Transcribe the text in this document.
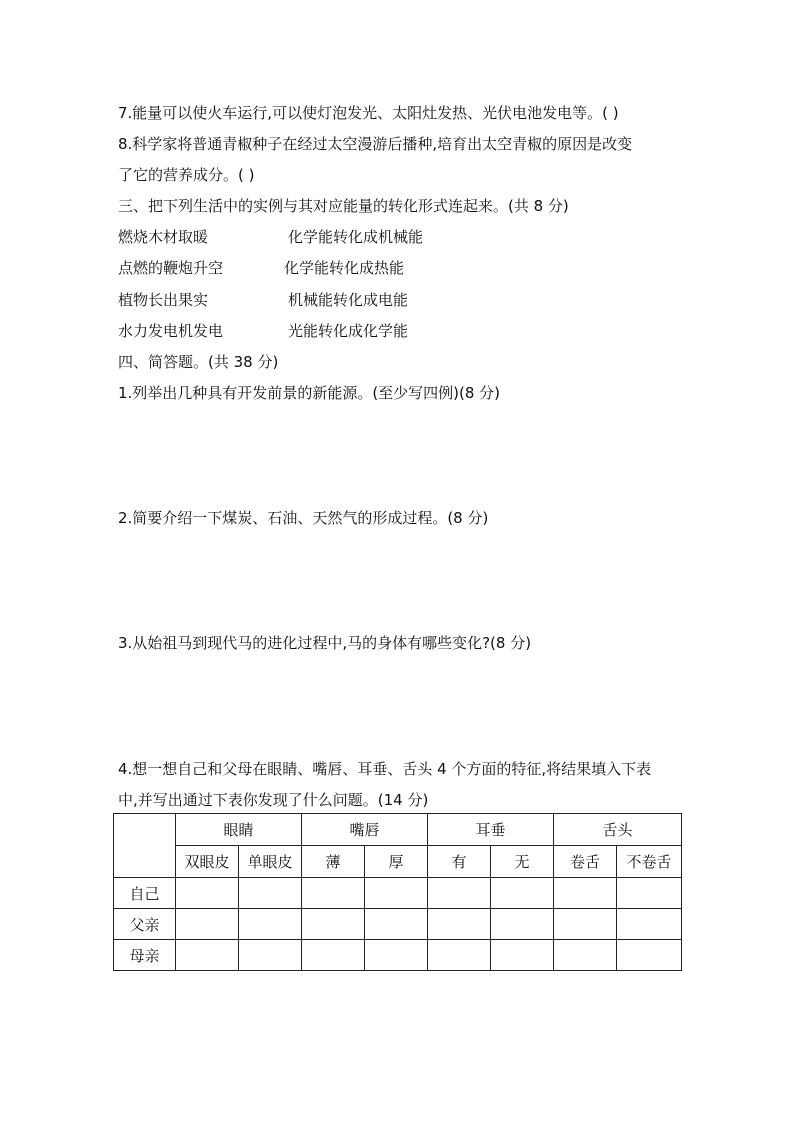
7.能量可以使火车运行,可以使灯泡发光、太阳灶发热、光伏电池发电等。( )
8.科学家将普通青椒种子在经过太空漫游后播种,培育出太空青椒的原因是改变
了它的营养成分。( )
三、把下列生活中的实例与其对应能量的转化形式连起来。(共 8 分)
燃烧木材取暖	化学能转化成机械能
点燃的鞭炮升空	化学能转化成热能
植物长出果实	机械能转化成电能
水力发电机发电	光能转化成化学能
四、简答题。(共 38 分)
1.列举出几种具有开发前景的新能源。(至少写四例)(8 分)
2.简要介绍一下煤炭、石油、天然气的形成过程。(8 分)
3.从始祖马到现代马的进化过程中,马的身体有哪些变化?(8 分)
4.想一想自己和父母在眼睛、嘴唇、耳垂、舌头 4 个方面的特征,将结果填入下表
中,并写出通过下表你发现了什么问题。(14 分)
	眼睛		嘴唇		耳垂		舌头	
	双眼皮	单眼皮	薄	厚	有	无	卷舌	不卷舌
自己								
父亲								
母亲								
